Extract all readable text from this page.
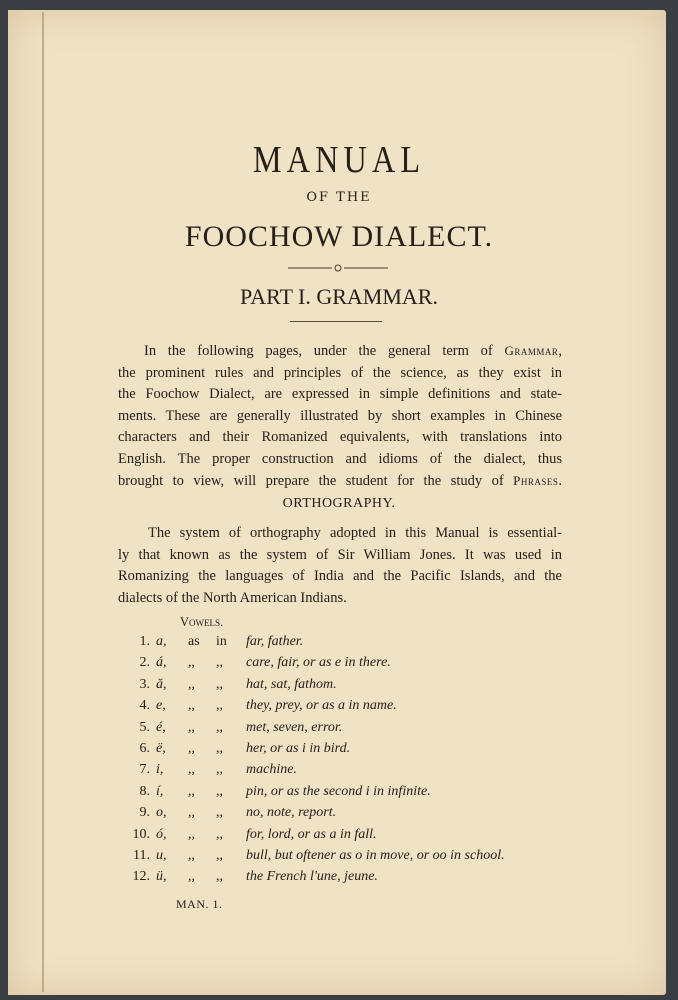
MANUAL
OF THE
FOOCHOW DIALECT.
PART I. GRAMMAR.
In the following pages, under the general term of Grammar,
the prominent rules and principles of the science, as they exist in
the Foochow Dialect, are expressed in simple definitions and state-
ments. These are generally illustrated by short examples in Chinese
characters and their Romanized equivalents, with translations into
English. The proper construction and idioms of the dialect, thus
brought to view, will prepare the student for the study of Phrases.
ORTHOGRAPHY.
The system of orthography adopted in this Manual is essential-
ly that known as the system of Sir William Jones. It was used in
Romanizing the languages of India and the Pacific Islands, and the
dialects of the North American Indians.
Vowels.
1. a, as in far, father.
2. á, ,, ,, care, fair, or as e in there.
3. ă, ,, ,, hat, sat, fathom.
4. e, ,, ,, they, prey, or as a in name.
5. é, ,, ,, met, seven, error.
6. ë, ,, ,, her, or as i in bird.
7. i, ,, ,, machine.
8. í, ,, ,, pin, or as the second i in infinite.
9. o, ,, ,, no, note, report.
10. ó, ,, ,, for, lord, or as a in fall.
11. u, ,, ,, bull, but oftener as o in move, or oo in school.
12. ü, ,, ,, the French l'une, jeune.
MAN. 1.
